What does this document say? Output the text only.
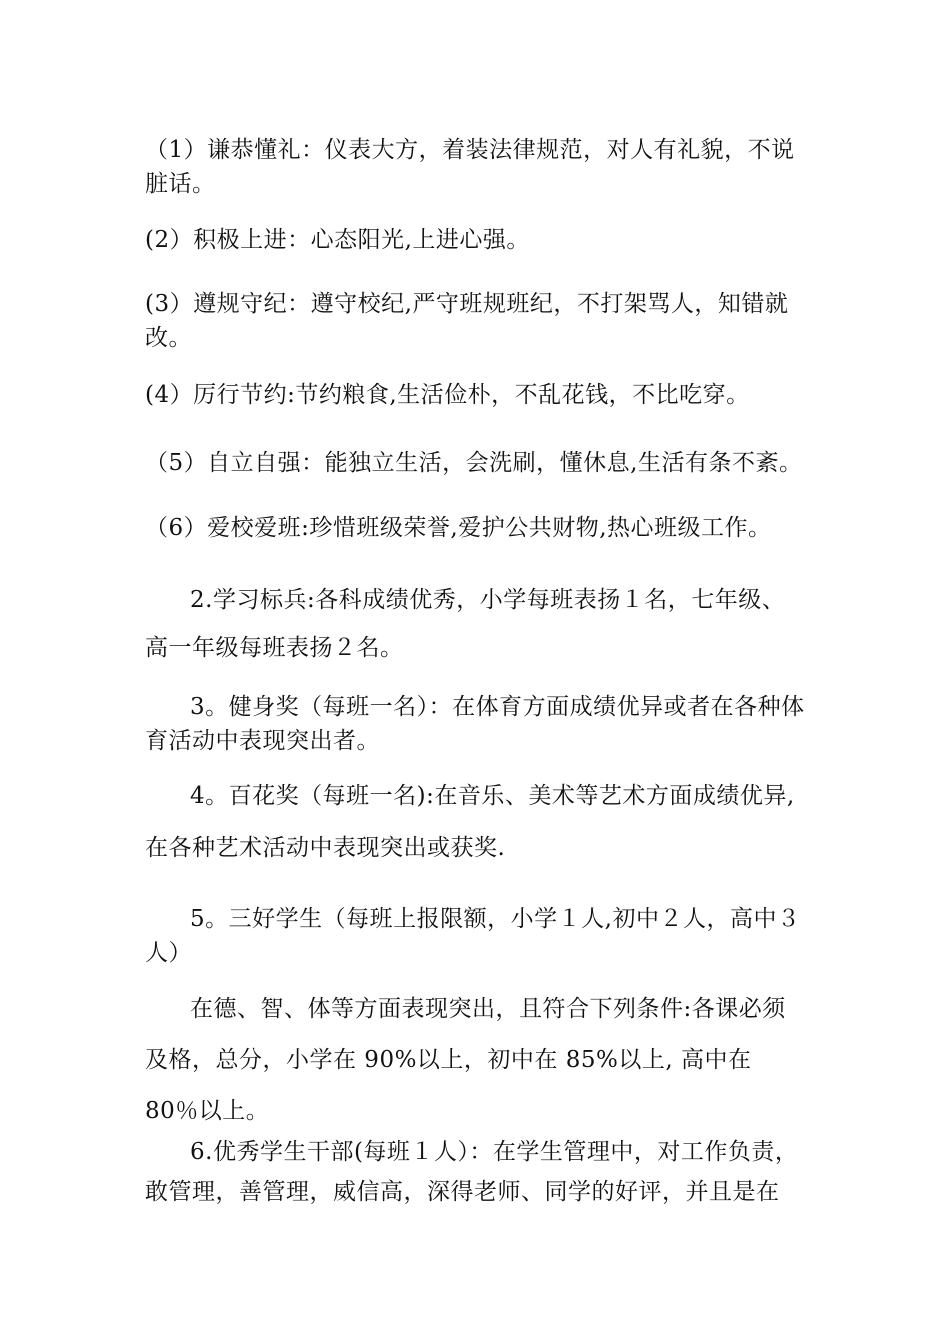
（1）谦恭懂礼：仪表大方，着装法律规范，对人有礼貌，不说脏话。

(2）积极上进：心态阳光,上进心强。

(3）遵规守纪：遵守校纪,严守班规班纪，不打架骂人，知错就改。

(4）厉行节约:节约粮食,生活俭朴，不乱花钱，不比吃穿。

（5）自立自强：能独立生活，会洗刷，懂休息,生活有条不紊。

（6）爱校爱班:珍惜班级荣誉,爱护公共财物,热心班级工作。

2.学习标兵:各科成绩优秀，小学每班表扬１名，七年级、高一年级每班表扬２名。

3。健身奖（每班一名）：在体育方面成绩优异或者在各种体育活动中表现突出者。

4。百花奖（每班一名):在音乐、美术等艺术方面成绩优异,在各种艺术活动中表现突出或获奖.

5。三好学生（每班上报限额，小学１人,初中２人，高中３人）

在德、智、体等方面表现突出，且符合下列条件:各课必须及格，总分，小学在 90%以上，初中在 85%以上, 高中在 80％以上。

6.优秀学生干部(每班１人）：在学生管理中，对工作负责，敢管理，善管理，威信高，深得老师、同学的好评，并且是在
